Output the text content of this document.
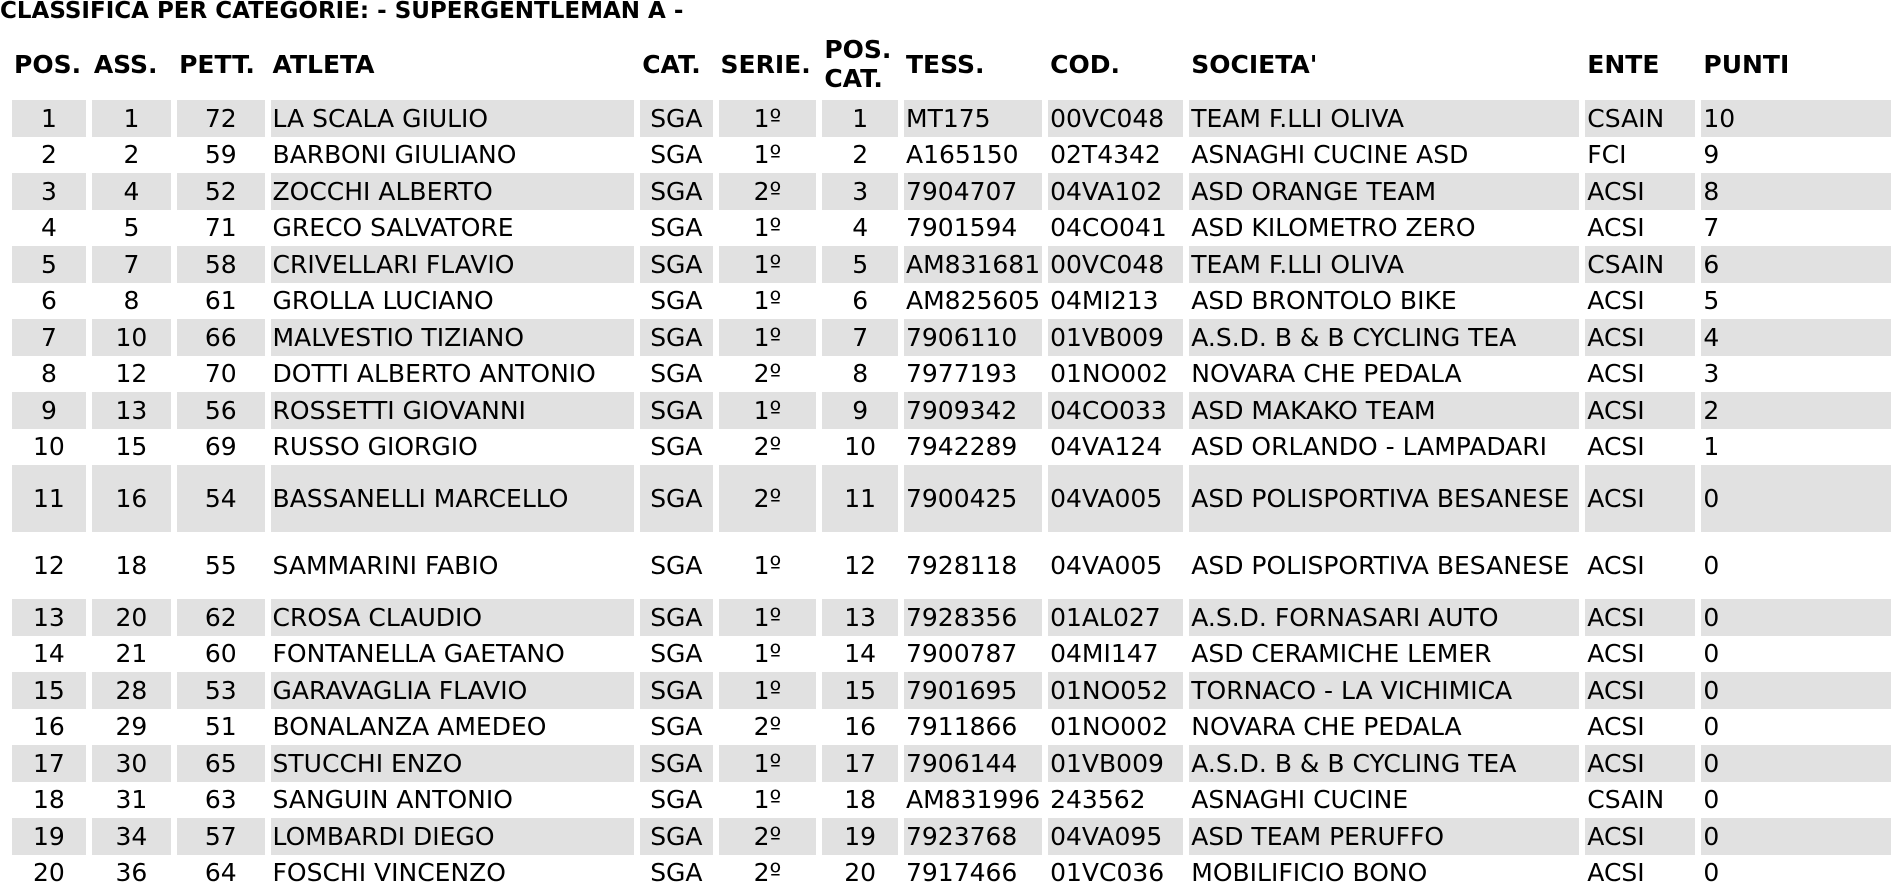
CLASSIFICA PER CATEGORIE: - SUPERGENTLEMAN A -
POS.	ASS.	PETT.	ATLETA	CAT.	SERIE.	POS. CAT.	TESS.	COD.	SOCIETA'	ENTE	PUNTI
1	1	72	LA SCALA GIULIO	SGA	1º	1	MT175	00VC048	TEAM F.LLI OLIVA	CSAIN	10
2	2	59	BARBONI GIULIANO	SGA	1º	2	A165150	02T4342	ASNAGHI CUCINE ASD	FCI	9
3	4	52	ZOCCHI ALBERTO	SGA	2º	3	7904707	04VA102	ASD ORANGE TEAM	ACSI	8
4	5	71	GRECO SALVATORE	SGA	1º	4	7901594	04CO041	ASD KILOMETRO ZERO	ACSI	7
5	7	58	CRIVELLARI FLAVIO	SGA	1º	5	AM831681	00VC048	TEAM F.LLI OLIVA	CSAIN	6
6	8	61	GROLLA LUCIANO	SGA	1º	6	AM825605	04MI213	ASD BRONTOLO BIKE	ACSI	5
7	10	66	MALVESTIO TIZIANO	SGA	1º	7	7906110	01VB009	A.S.D. B & B CYCLING TEA	ACSI	4
8	12	70	DOTTI ALBERTO ANTONIO	SGA	2º	8	7977193	01NO002	NOVARA CHE PEDALA	ACSI	3
9	13	56	ROSSETTI GIOVANNI	SGA	1º	9	7909342	04CO033	ASD MAKAKO TEAM	ACSI	2
10	15	69	RUSSO GIORGIO	SGA	2º	10	7942289	04VA124	ASD ORLANDO - LAMPADARI	ACSI	1
11	16	54	BASSANELLI MARCELLO	SGA	2º	11	7900425	04VA005	ASD POLISPORTIVA BESANESE	ACSI	0
12	18	55	SAMMARINI FABIO	SGA	1º	12	7928118	04VA005	ASD POLISPORTIVA BESANESE	ACSI	0
13	20	62	CROSA CLAUDIO	SGA	1º	13	7928356	01AL027	A.S.D. FORNASARI AUTO	ACSI	0
14	21	60	FONTANELLA GAETANO	SGA	1º	14	7900787	04MI147	ASD CERAMICHE LEMER	ACSI	0
15	28	53	GARAVAGLIA FLAVIO	SGA	1º	15	7901695	01NO052	TORNACO - LA VICHIMICA	ACSI	0
16	29	51	BONALANZA AMEDEO	SGA	2º	16	7911866	01NO002	NOVARA CHE PEDALA	ACSI	0
17	30	65	STUCCHI ENZO	SGA	1º	17	7906144	01VB009	A.S.D. B & B CYCLING TEA	ACSI	0
18	31	63	SANGUIN ANTONIO	SGA	1º	18	AM831996	243562	ASNAGHI CUCINE	CSAIN	0
19	34	57	LOMBARDI DIEGO	SGA	2º	19	7923768	04VA095	ASD TEAM PERUFFO	ACSI	0
20	36	64	FOSCHI VINCENZO	SGA	2º	20	7917466	01VC036	MOBILIFICIO BONO	ACSI	0
